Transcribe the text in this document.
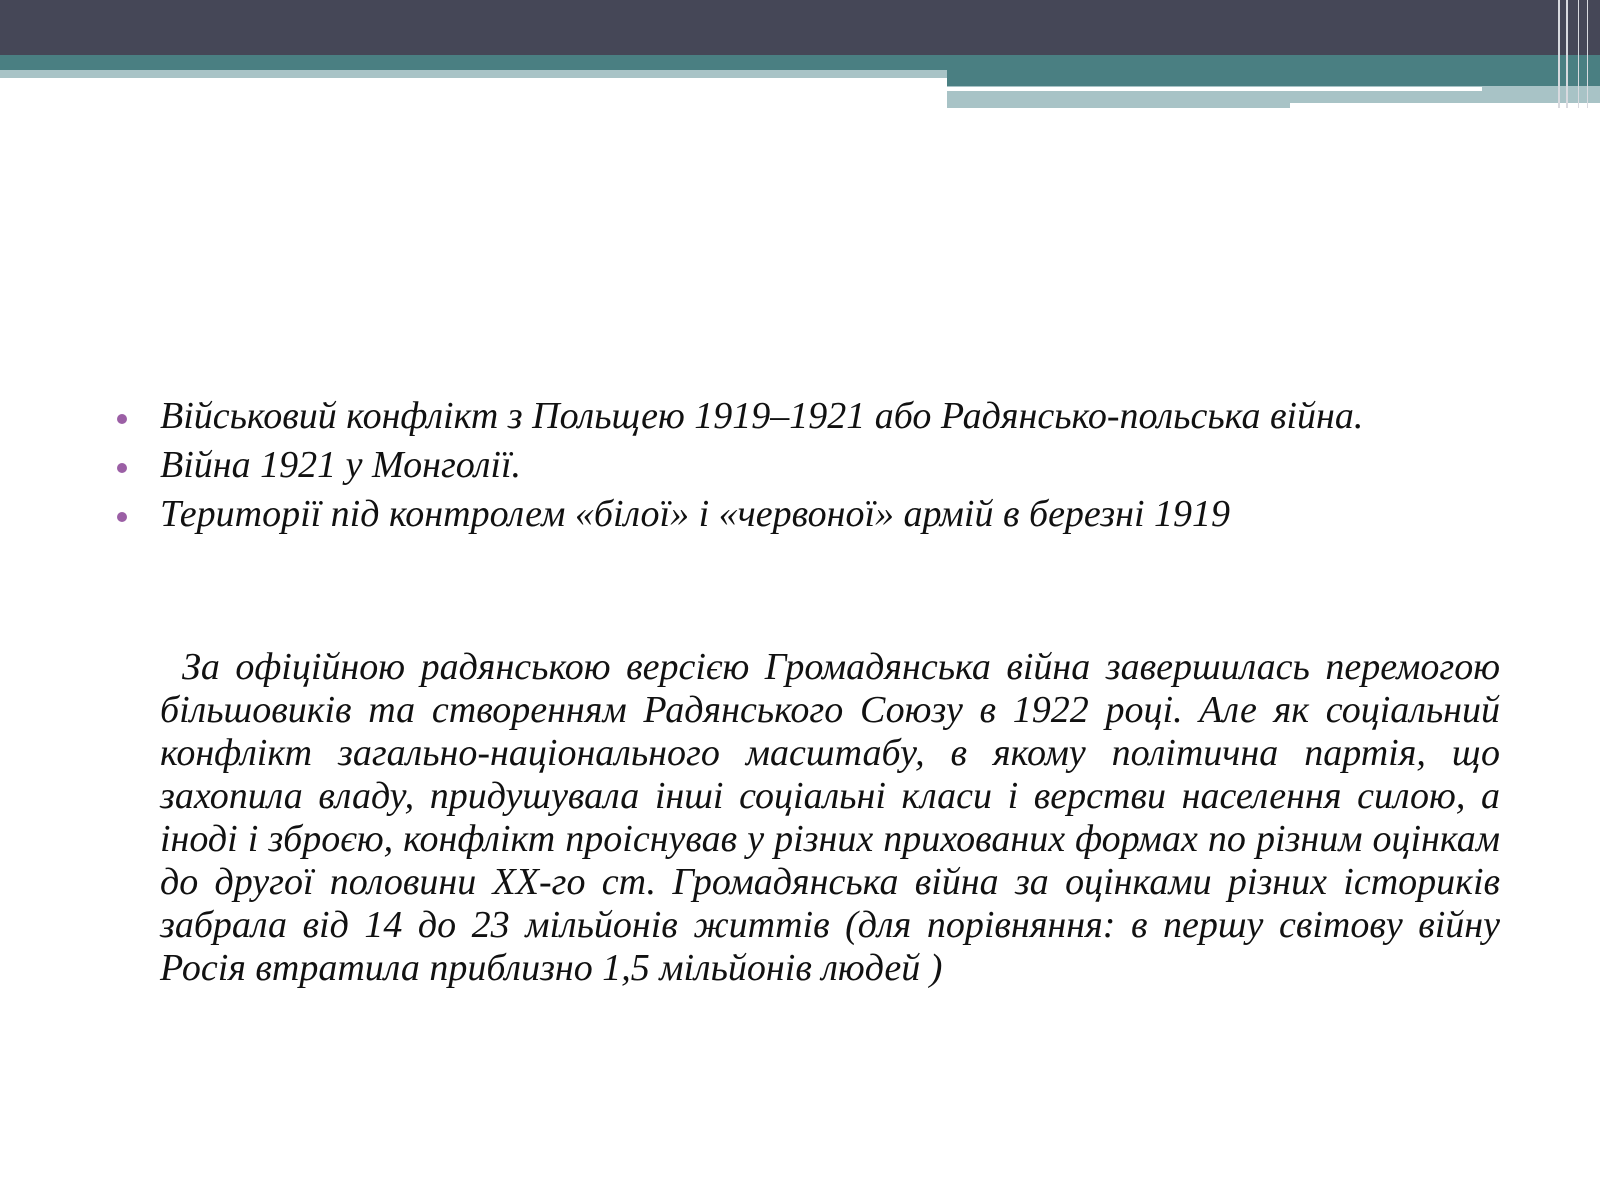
Військовий конфлікт з Польщею 1919–1921 або Радянсько-польська війна.
Війна 1921 у Монголії.
Території під контролем «білої» і «червоної» армій в березні 1919

За офіційною радянською версією Громадянська війна завершилась перемогою більшовиків та створенням Радянського Союзу в 1922 році. Але як соціальний конфлікт загально-національного масштабу, в якому політична партія, що захопила владу, придушувала інші соціальні класи і верстви населення силою, а іноді і зброєю, конфлікт проіснував у різних прихованих формах по різним оцінкам до другої половини XX-го ст. Громадянська війна за оцінками різних істориків забрала від 14 до 23 мільйонів життів (для порівняння: в першу світову війну Росія втратила приблизно 1,5 мільйонів людей )
